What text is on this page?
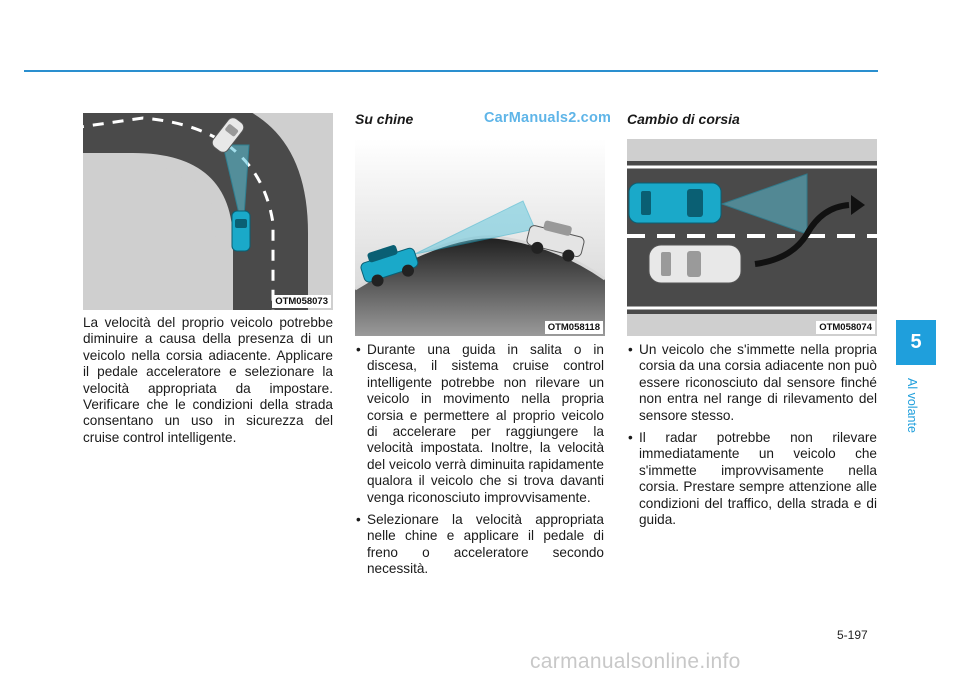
OTM058073

La velocità del proprio veicolo potrebbe diminuire a causa della presenza di un veicolo nella corsia adiacente. Applicare il pedale acceleratore e selezionare la velocità appropriata da impostare. Verificare che le condizioni della strada consentano un uso in sicurezza del cruise control intelligente.

Su chine	CarManuals2.com
OTM058118
• Durante una guida in salita o in discesa, il sistema cruise control intelligente potrebbe non rilevare un veicolo in movimento nella propria corsia e permettere al proprio veicolo di accelerare per raggiungere la velocità impostata. Inoltre, la velocità del veicolo verrà diminuita rapidamente qualora il veicolo che si trova davanti venga riconosciuto improvvisamente.
• Selezionare la velocità appropriata nelle chine e applicare il pedale di freno o acceleratore secondo necessità.
Cambio di corsia
OTM058074
• Un veicolo che s'immette nella propria corsia da una corsia adiacente non può essere riconosciuto dal sensore finché non entra nel range di rilevamento del sensore stesso.
• Il radar potrebbe non rilevare immediatamente un veicolo che s'immette improvvisamente nella corsia. Prestare sempre attenzione alle condizioni del traffico, della strada e di guida.
5
Al volante
5-197
carmanualsonline.info
